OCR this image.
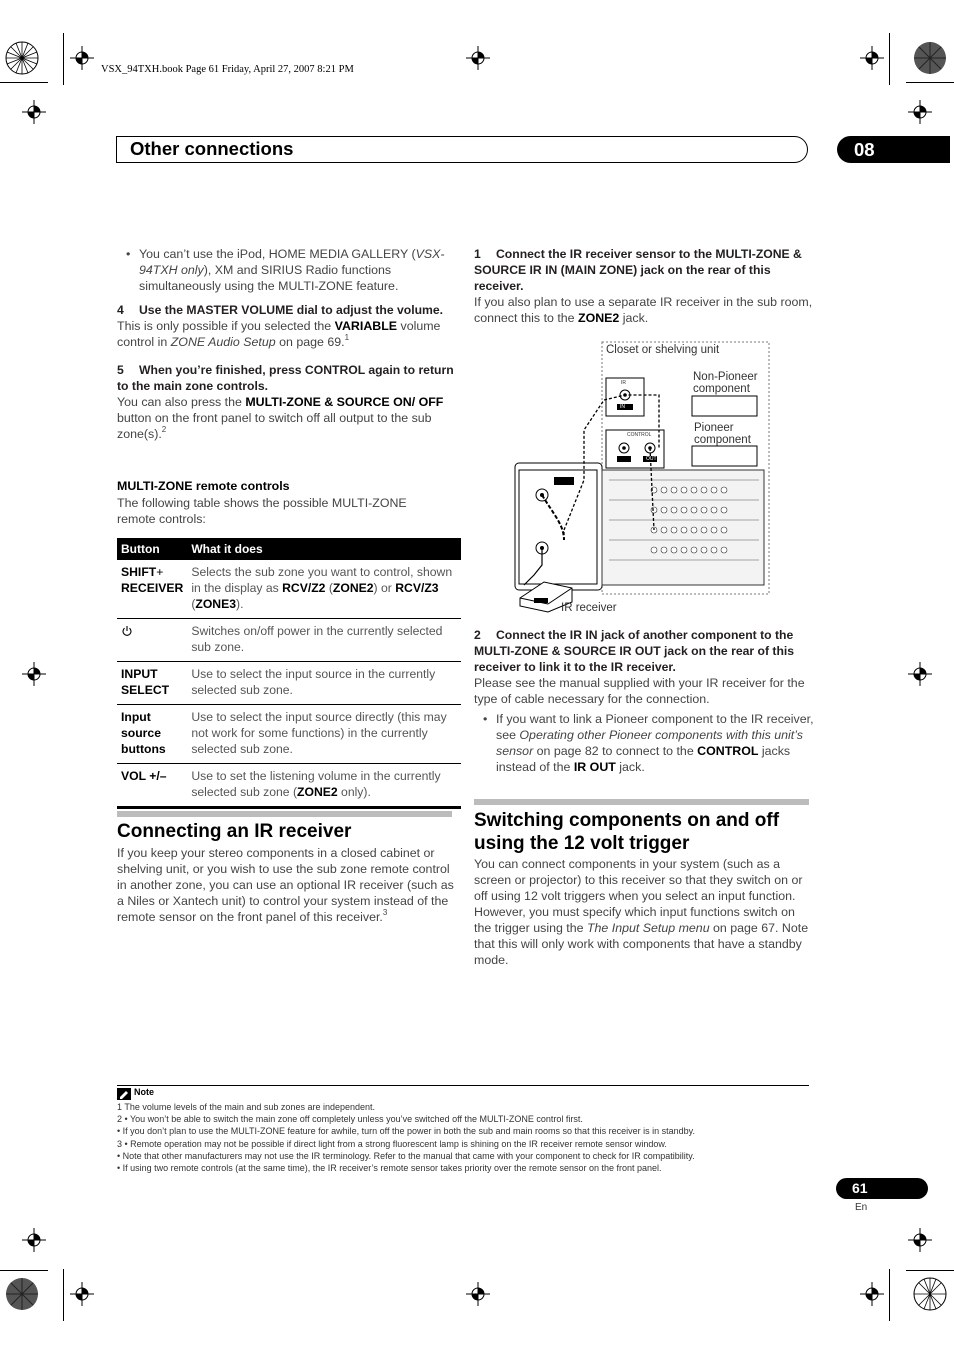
VSX_94TXH.book Page 61 Friday, April 27, 2007 8:21 PM
Other connections	08
• You can’t use the iPod, HOME MEDIA GALLERY (VSX-94TXH only), XM and SIRIUS Radio functions simultaneously using the MULTI-ZONE feature.
4 Use the MASTER VOLUME dial to adjust the volume.
This is only possible if you selected the VARIABLE volume control in ZONE Audio Setup on page 69.$^1$
5 When you’re finished, press CONTROL again to return to the main zone controls.
You can also press the MULTI-ZONE & SOURCE ON/ OFF button on the front panel to switch off all output to the sub zone(s).$^2$
MULTI-ZONE remote controls
The following table shows the possible MULTI-ZONE remote controls:
Button	What it does
SHIFT+
RECEIVER	Selects the sub zone you want to control, shown in the display as RCV/Z2 (ZONE2) or RCV/Z3 (ZONE3).
	Switches on/off power in the currently selected sub zone.
INPUT SELECT	Use to select the input source in the currently selected sub zone.
Input source buttons	Use to select the input source directly (this may not work for some functions) in the currently selected sub zone.
VOL +/–	Use to set the listening volume in the currently selected sub zone (ZONE2 only).
Connecting an IR receiver
If you keep your stereo components in a closed cabinet or shelving unit, or you wish to use the sub zone remote control in another zone, you can use an optional IR receiver (such as a Niles or Xantech unit) to control your system instead of the remote sensor on the front panel of this receiver.$^3$
1 Connect the IR receiver sensor to the MULTI-ZONE & SOURCE IR IN (MAIN ZONE) jack on the rear of this receiver.
If you also plan to use a separate IR receiver in the sub room, connect this to the ZONE2 jack.
Closet or shelving unit
Non-Pioneer component
Pioneer component
IR receiver
IR
IN
CONTROL
OUT
2 Connect the IR IN jack of another component to the MULTI-ZONE & SOURCE IR OUT jack on the rear of this receiver to link it to the IR receiver.
Please see the manual supplied with your IR receiver for the type of cable necessary for the connection.
• If you want to link a Pioneer component to the IR receiver, see Operating other Pioneer components with this unit’s sensor on page 82 to connect to the CONTROL jacks instead of the IR OUT jack.
Switching components on and off using the 12 volt trigger
You can connect components in your system (such as a screen or projector) to this receiver so that they switch on or off using 12 volt triggers when you select an input function. However, you must specify which input functions switch on the trigger using the The Input Setup menu on page 67. Note that this will only work with components that have a standby mode.
Note
1 The volume levels of the main and sub zones are independent.
2 • You won’t be able to switch the main zone off completely unless you’ve switched off the MULTI-ZONE control first.
• If you don’t plan to use the MULTI-ZONE feature for awhile, turn off the power in both the sub and main rooms so that this receiver is in standby.
3 • Remote operation may not be possible if direct light from a strong fluorescent lamp is shining on the IR receiver remote sensor window.
• Note that other manufacturers may not use the IR terminology. Refer to the manual that came with your component to check for IR compatibility.
• If using two remote controls (at the same time), the IR receiver’s remote sensor takes priority over the remote sensor on the front panel.
61
En
